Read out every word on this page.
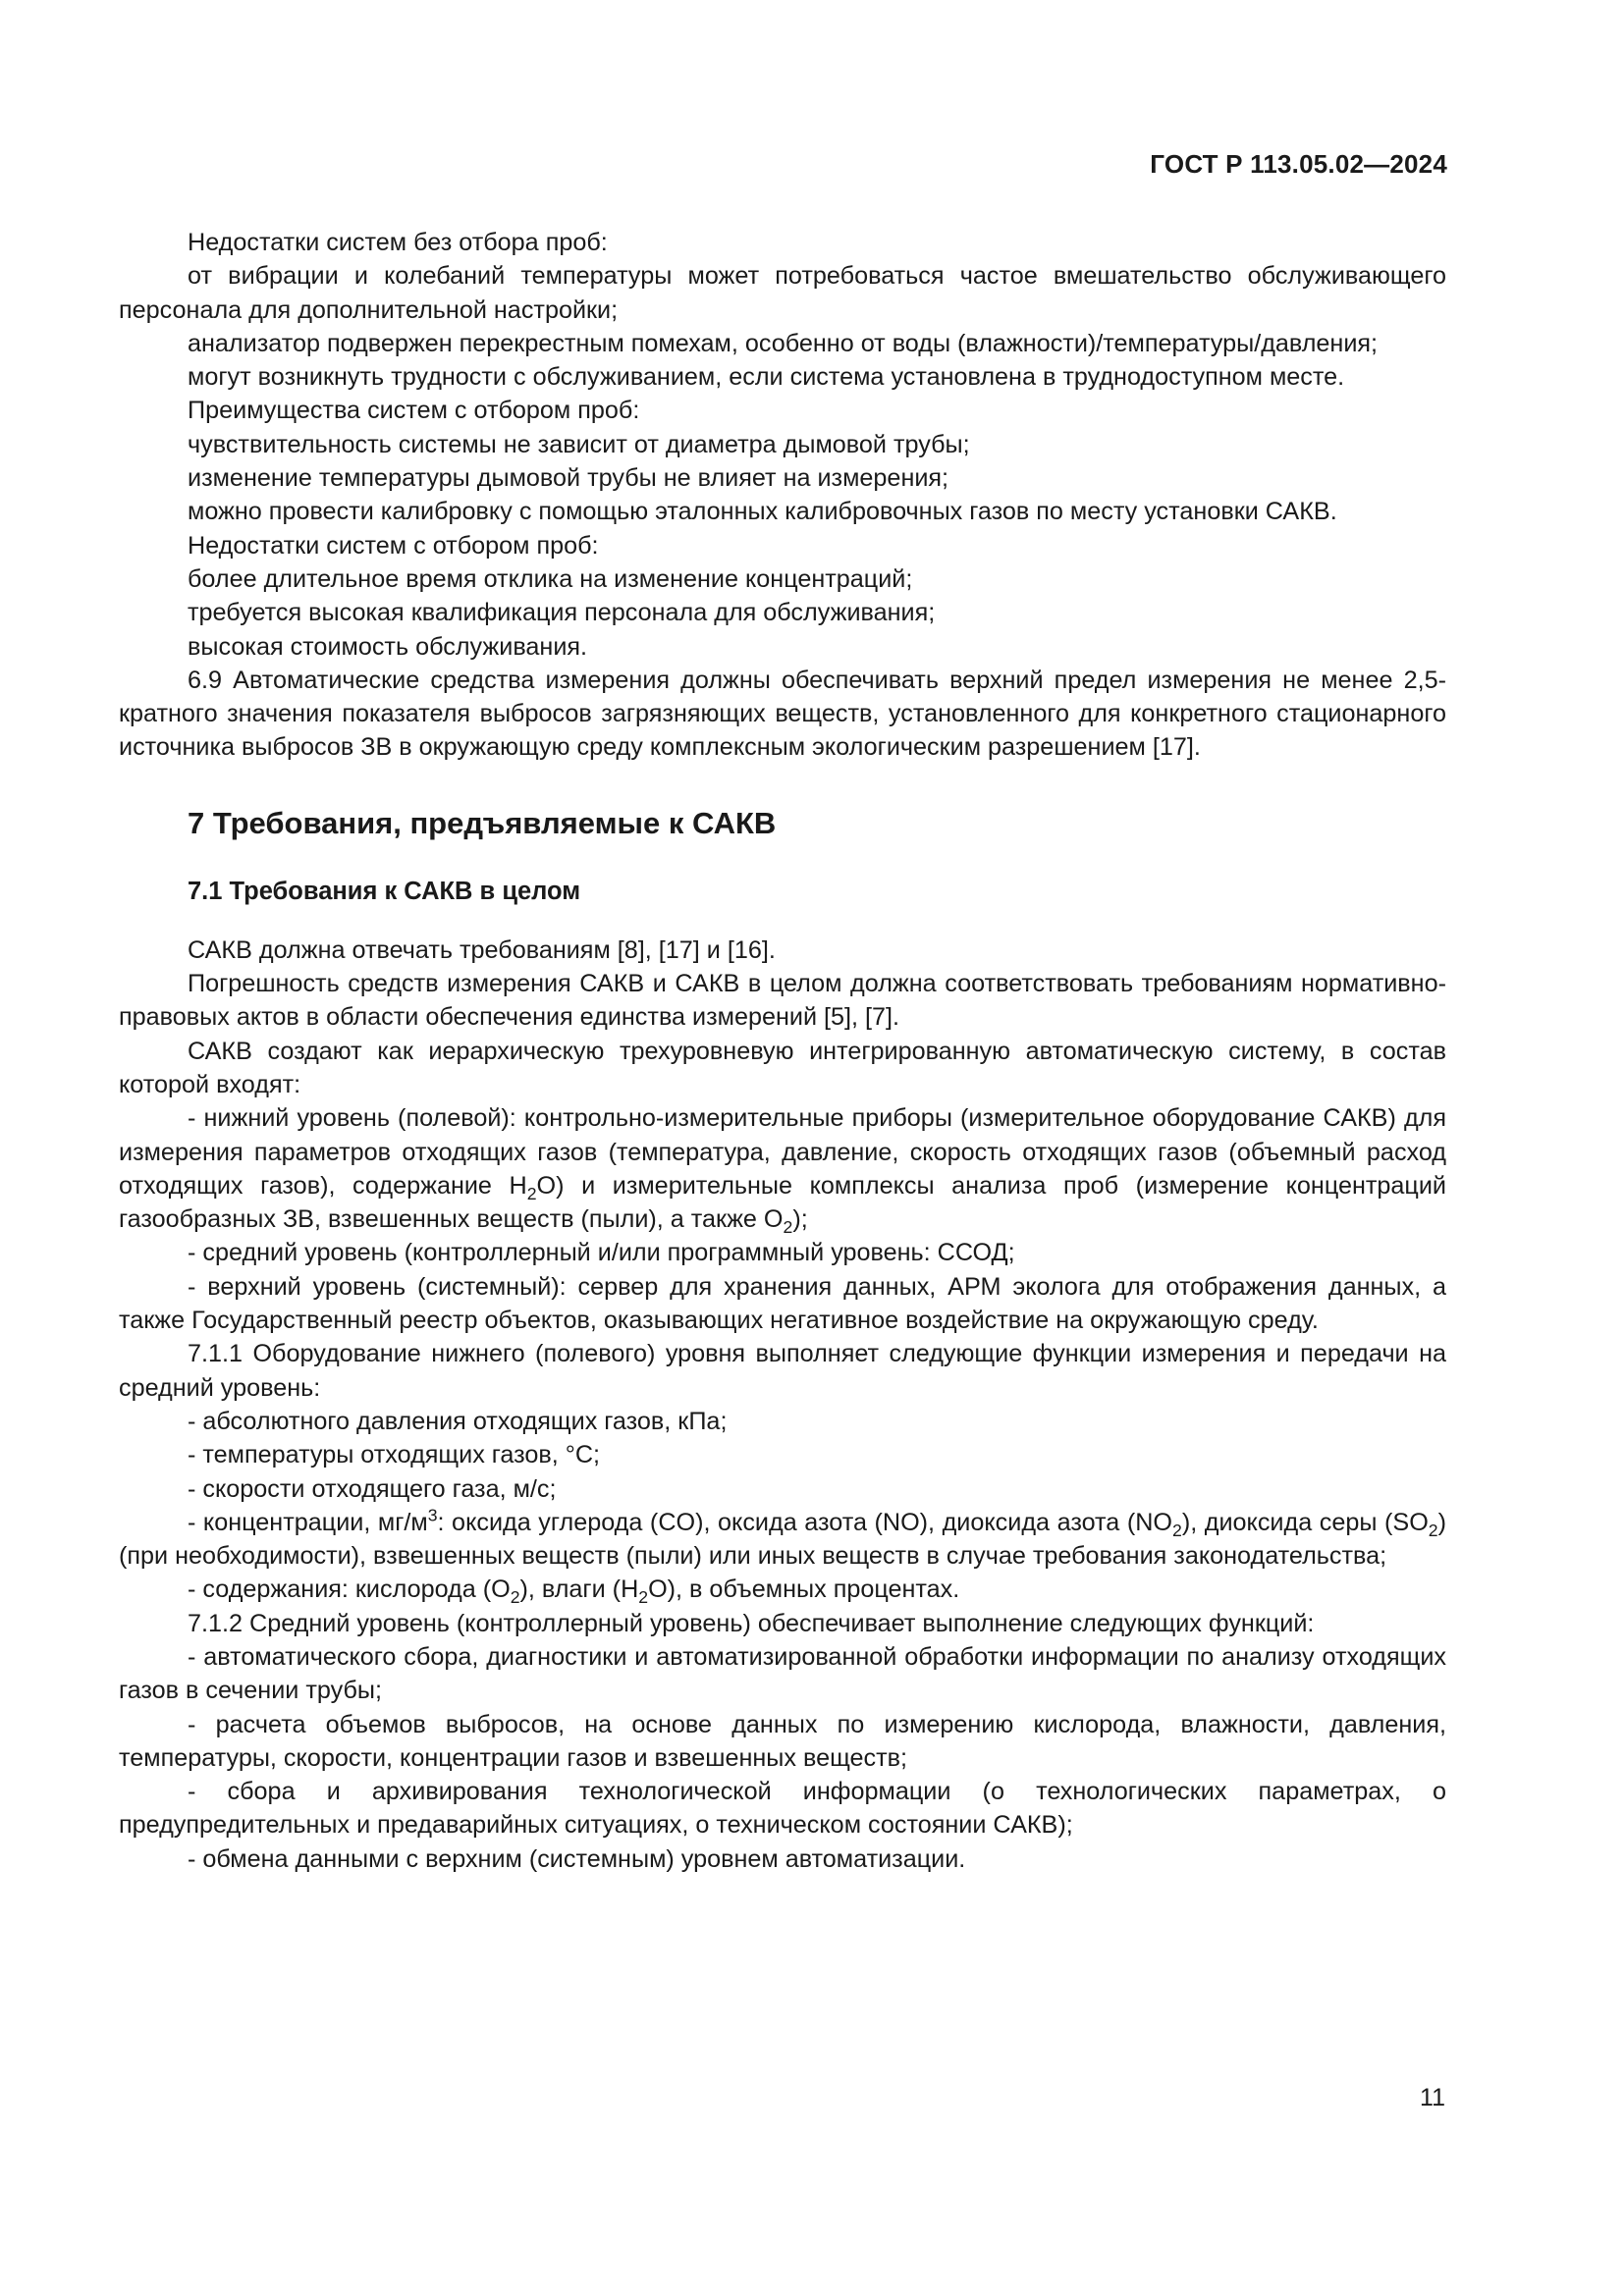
ГОСТ Р 113.05.02—2024
Недостатки систем без отбора проб:
от вибрации и колебаний температуры может потребоваться частое вмешательство обслуживающего персонала для дополнительной настройки;
анализатор подвержен перекрестным помехам, особенно от воды (влажности)/температуры/давления;
могут возникнуть трудности с обслуживанием, если система установлена в труднодоступном месте.
Преимущества систем с отбором проб:
чувствительность системы не зависит от диаметра дымовой трубы;
изменение температуры дымовой трубы не влияет на измерения;
можно провести калибровку с помощью эталонных калибровочных газов по месту установки САКВ.
Недостатки систем с отбором проб:
более длительное время отклика на изменение концентраций;
требуется высокая квалификация персонала для обслуживания;
высокая стоимость обслуживания.
6.9 Автоматические средства измерения должны обеспечивать верхний предел измерения не менее 2,5-кратного значения показателя выбросов загрязняющих веществ, установленного для конкретного стационарного источника выбросов ЗВ в окружающую среду комплексным экологическим разрешением [17].
7 Требования, предъявляемые к САКВ
7.1 Требования к САКВ в целом
САКВ должна отвечать требованиям [8], [17] и [16].
Погрешность средств измерения САКВ и САКВ в целом должна соответствовать требованиям нормативно-правовых актов в области обеспечения единства измерений [5], [7].
САКВ создают как иерархическую трехуровневую интегрированную автоматическую систему, в состав которой входят:
- нижний уровень (полевой): контрольно-измерительные приборы (измерительное оборудование САКВ) для измерения параметров отходящих газов (температура, давление, скорость отходящих газов (объемный расход отходящих газов), содержание $H_2O$) и измерительные комплексы анализа проб (измерение концентраций газообразных ЗВ, взвешенных веществ (пыли), а также $O_2$);
- средний уровень (контроллерный и/или программный уровень: ССОД;
- верхний уровень (системный): сервер для хранения данных, АРМ эколога для отображения данных, а также Государственный реестр объектов, оказывающих негативное воздействие на окружающую среду.
7.1.1 Оборудование нижнего (полевого) уровня выполняет следующие функции измерения и передачи на средний уровень:
- абсолютного давления отходящих газов, кПа;
- температуры отходящих газов, °С;
- скорости отходящего газа, м/с;
- концентрации, $мг/м^3$: оксида углерода (CO), оксида азота (NO), диоксида азота $(NO_2)$, диоксида серы $(SO_2)$ (при необходимости), взвешенных веществ (пыли) или иных веществ в случае требования законодательства;
- содержания: кислорода $(O_2)$, влаги $(H_2O)$, в объемных процентах.
7.1.2 Средний уровень (контроллерный уровень) обеспечивает выполнение следующих функций:
- автоматического сбора, диагностики и автоматизированной обработки информации по анализу отходящих газов в сечении трубы;
- расчета объемов выбросов, на основе данных по измерению кислорода, влажности, давления, температуры, скорости, концентрации газов и взвешенных веществ;
- сбора и архивирования технологической информации (о технологических параметрах, о предупредительных и предаварийных ситуациях, о техническом состоянии САКВ);
- обмена данными с верхним (системным) уровнем автоматизации.
11
